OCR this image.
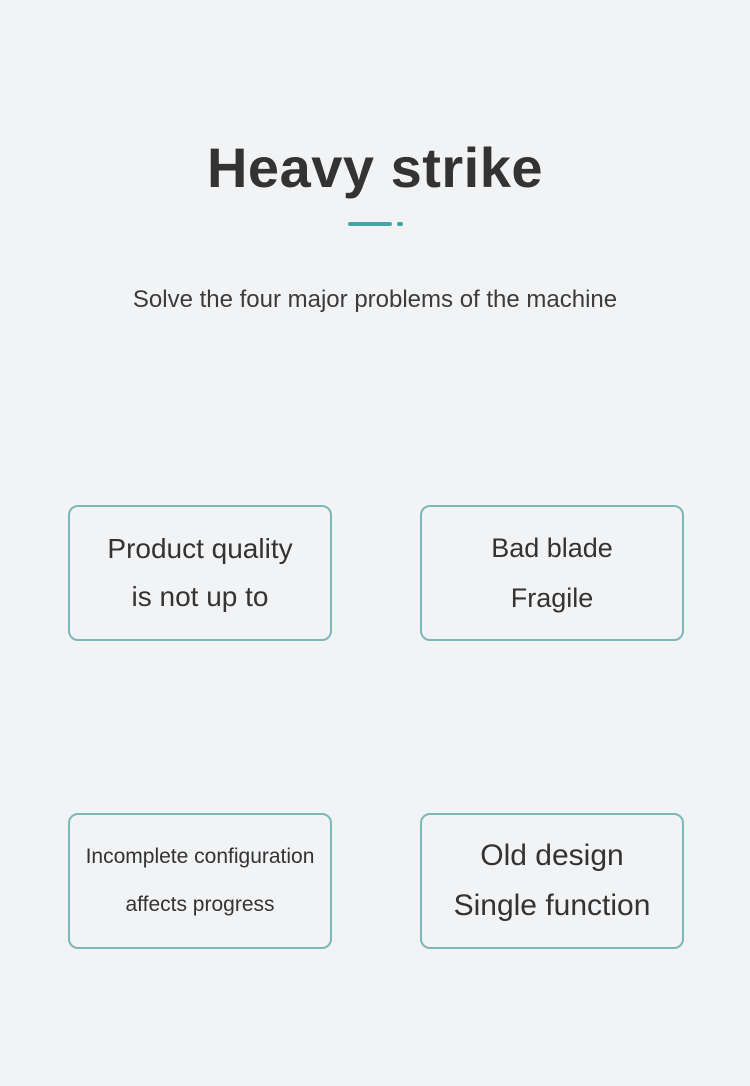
Heavy strike
Solve the four major problems of the machine
Product quality
is not up to
Bad blade
Fragile
Incomplete configuration
affects progress
Old design
Single function
